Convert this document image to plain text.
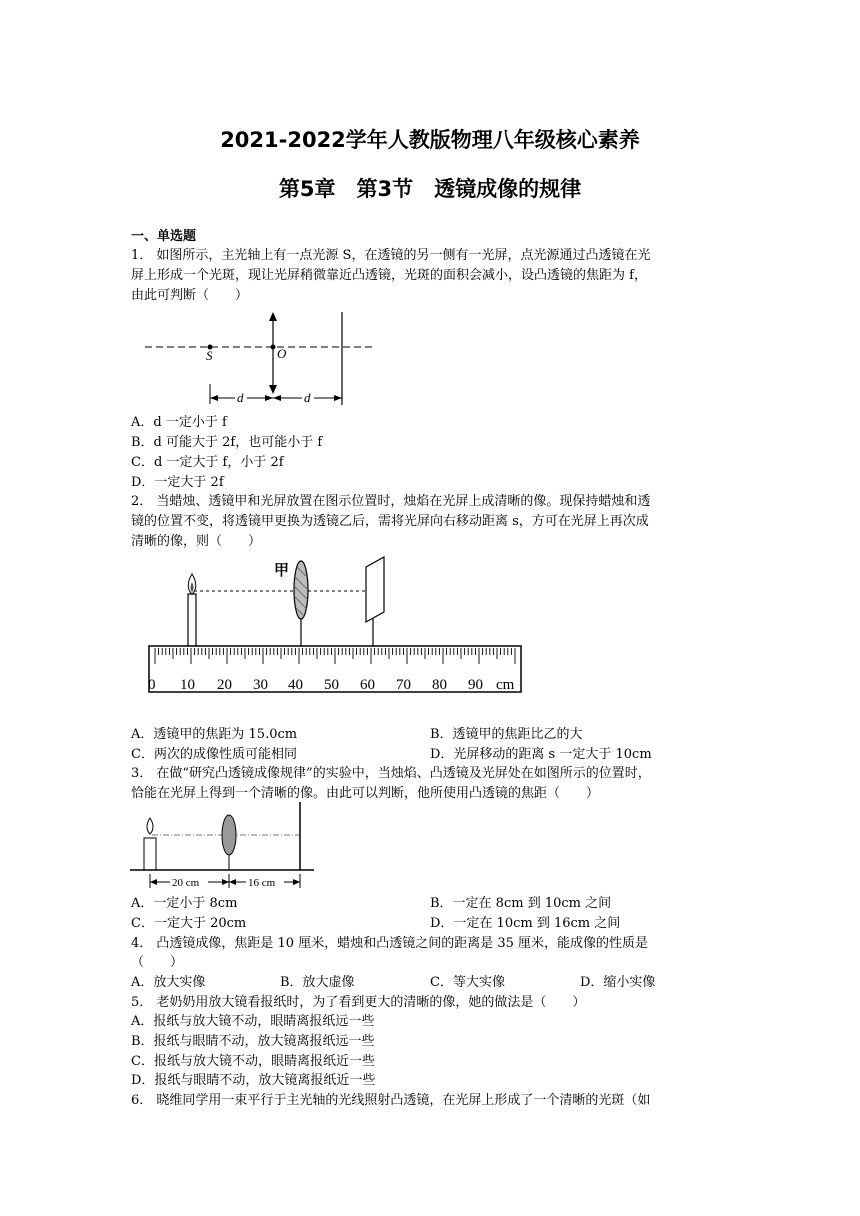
2021-2022学年人教版物理八年级核心素养
第5章　第3节　透镜成像的规律
一、单选题
1． 如图所示，主光轴上有一点光源 S，在透镜的另一侧有一光屏，点光源通过凸透镜在光
屏上形成一个光斑，现让光屏稍微靠近凸透镜，光斑的面积会减小，设凸透镜的焦距为 f，
由此可判断（　　）
S	O
d	d
A．d 一定小于 f
B．d 可能大于 2f，也可能小于 f
C．d 一定大于 f，小于 2f
D．一定大于 2f
2． 当蜡烛、透镜甲和光屏放置在图示位置时，烛焰在光屏上成清晰的像。现保持蜡烛和透
镜的位置不变，将透镜甲更换为透镜乙后，需将光屏向右移动距离 s，方可在光屏上再次成
清晰的像，则（　　）
甲
0 10 20 30 40 50 60 70 80 90 cm
A．透镜甲的焦距为 15.0cm	B．透镜甲的焦距比乙的大
C．两次的成像性质可能相同	D．光屏移动的距离 s 一定大于 10cm
3． 在做“研究凸透镜成像规律”的实验中，当烛焰、凸透镜及光屏处在如图所示的位置时，
恰能在光屏上得到一个清晰的像。由此可以判断，他所使用凸透镜的焦距（　　）
20 cm	16 cm
A．一定小于 8cm	B．一定在 8cm 到 10cm 之间
C．一定大于 20cm	D．一定在 10cm 到 16cm 之间
4． 凸透镜成像，焦距是 10 厘米，蜡烛和凸透镜之间的距离是 35 厘米，能成像的性质是
（　　）
A．放大实像	B．放大虚像	C．等大实像	D．缩小实像
5． 老奶奶用放大镜看报纸时，为了看到更大的清晰的像，她的做法是（　　）
A．报纸与放大镜不动，眼睛离报纸远一些
B．报纸与眼睛不动，放大镜离报纸远一些
C．报纸与放大镜不动，眼睛离报纸近一些
D．报纸与眼睛不动，放大镜离报纸近一些
6． 晓维同学用一束平行于主光轴的光线照射凸透镜，在光屏上形成了一个清晰的光斑（如
